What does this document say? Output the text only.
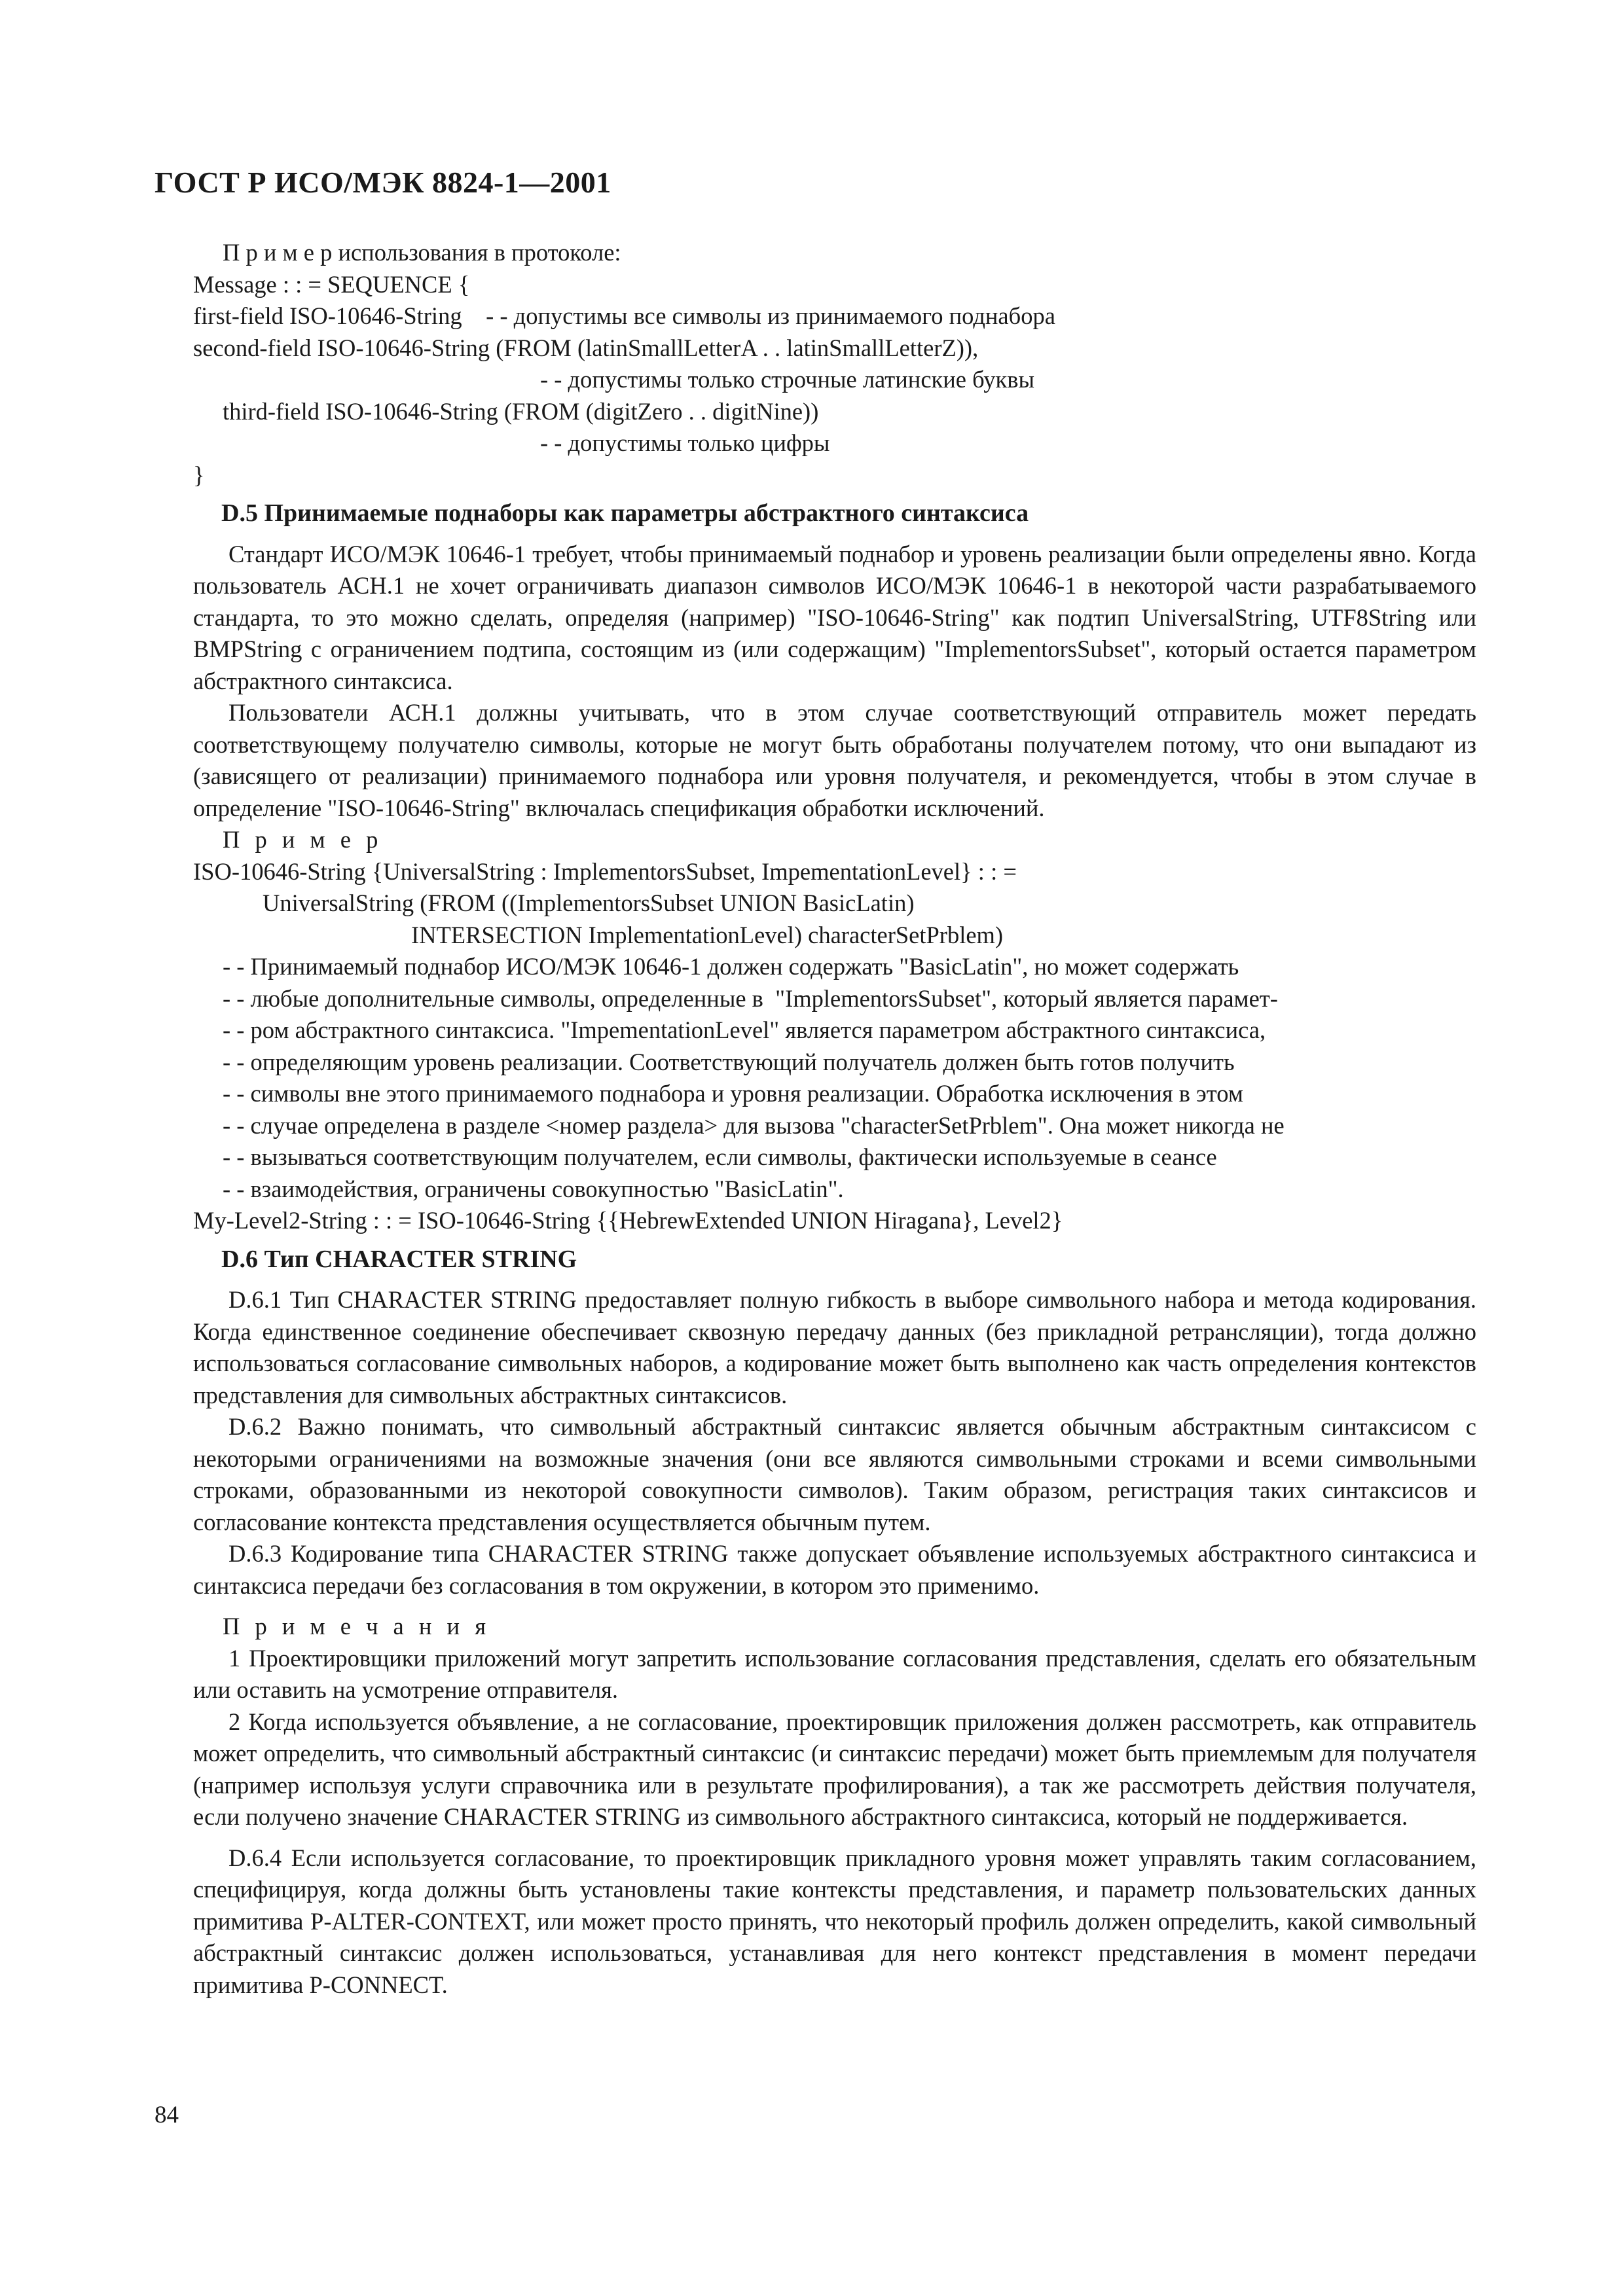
ГОСТ Р ИСО/МЭК 8824-1—2001
П р и м е р использования в протоколе:
Message : : = SEQUENCE {
first-field ISO-10646-String    - - допустимы все символы из принимаемого поднабора
second-field ISO-10646-String (FROM (latinSmallLetterA . . latinSmallLetterZ)),
- - допустимы только строчные латинские буквы
third-field ISO-10646-String (FROM (digitZero . . digitNine))
- - допустимы только цифры
}
D.5 Принимаемые поднаборы как параметры абстрактного синтаксиса

Стандарт ИСО/МЭК 10646-1 требует, чтобы принимаемый поднабор и уровень реализации были определены явно. Когда пользователь АСН.1 не хочет ограничивать диапазон символов ИСО/МЭК 10646-1 в некоторой части разрабатываемого стандарта, то это можно сделать, определяя (например) "ISO-10646-String" как подтип UniversalString, UTF8String или BMPString с ограничением подтипа, состоящим из (или содержащим) "ImplementorsSubset", который остается параметром абстрактного синтаксиса.

Пользователи АСН.1 должны учитывать, что в этом случае соответствующий отправитель может передать соответствующему получателю символы, которые не могут быть обработаны получателем потому, что они выпадают из (зависящего от реализации) принимаемого поднабора или уровня получателя, и рекомендуется, чтобы в этом случае в определение "ISO-10646-String" включалась спецификация обработки исключений.

П р и м е р
ISO-10646-String {UniversalString : ImplementorsSubset, ImpementationLevel} : : =
UniversalString (FROM ((ImplementorsSubset UNION BasicLatin)
INTERSECTION ImplementationLevel) characterSetPrblem)
- - Принимаемый поднабор ИСО/МЭК 10646-1 должен содержать "BasicLatin", но может содержать
- - любые дополнительные символы, определенные в  "ImplementorsSubset", который является парамет-
- - ром абстрактного синтаксиса. "ImpementationLevel" является параметром абстрактного синтаксиса,
- - определяющим уровень реализации. Соответствующий получатель должен быть готов получить
- - символы вне этого принимаемого поднабора и уровня реализации. Обработка исключения в этом
- - случае определена в разделе <номер раздела> для вызова "characterSetPrblem". Она может никогда не
- - вызываться соответствующим получателем, если символы, фактически используемые в сеансе
- - взаимодействия, ограничены совокупностью "BasicLatin".
My-Level2-String : : = ISO-10646-String {{HebrewExtended UNION Hiragana}, Level2}
D.6 Тип CHARACTER STRING

D.6.1 Тип CHARACTER STRING предоставляет полную гибкость в выборе символьного набора и метода кодирования. Когда единственное соединение обеспечивает сквозную передачу данных (без прикладной ретрансляции), тогда должно использоваться согласование символьных наборов, а кодирование может быть выполнено как часть определения контекстов представления для символьных абстрактных синтаксисов.

D.6.2 Важно понимать, что символьный абстрактный синтаксис является обычным абстрактным синтаксисом с некоторыми ограничениями на возможные значения (они все являются символьными строками и всеми символьными строками, образованными из некоторой совокупности символов). Таким образом, регистрация таких синтаксисов и согласование контекста представления осуществляется обычным путем.

D.6.3 Кодирование типа CHARACTER STRING также допускает объявление используемых абстрактного синтаксиса и синтаксиса передачи без согласования в том окружении, в котором это применимо.

П р и м е ч а н и я

1 Проектировщики приложений могут запретить использование согласования представления, сделать его обязательным или оставить на усмотрение отправителя.

2 Когда используется объявление, а не согласование, проектировщик приложения должен рассмотреть, как отправитель может определить, что символьный абстрактный синтаксис (и синтаксис передачи) может быть приемлемым для получателя (например используя услуги справочника или в результате профилирования), а так же рассмотреть действия получателя, если получено значение CHARACTER STRING из символьного абстрактного синтаксиса, который не поддерживается.

D.6.4 Если используется согласование, то проектировщик прикладного уровня может управлять таким согласованием, специфицируя, когда должны быть установлены такие контексты представления, и параметр пользовательских данных примитива P-ALTER-CONTEXT, или может просто принять, что некоторый профиль должен определить, какой символьный абстрактный синтаксис должен использоваться, устанавливая для него контекст представления в момент передачи примитива P-CONNECT.

84
